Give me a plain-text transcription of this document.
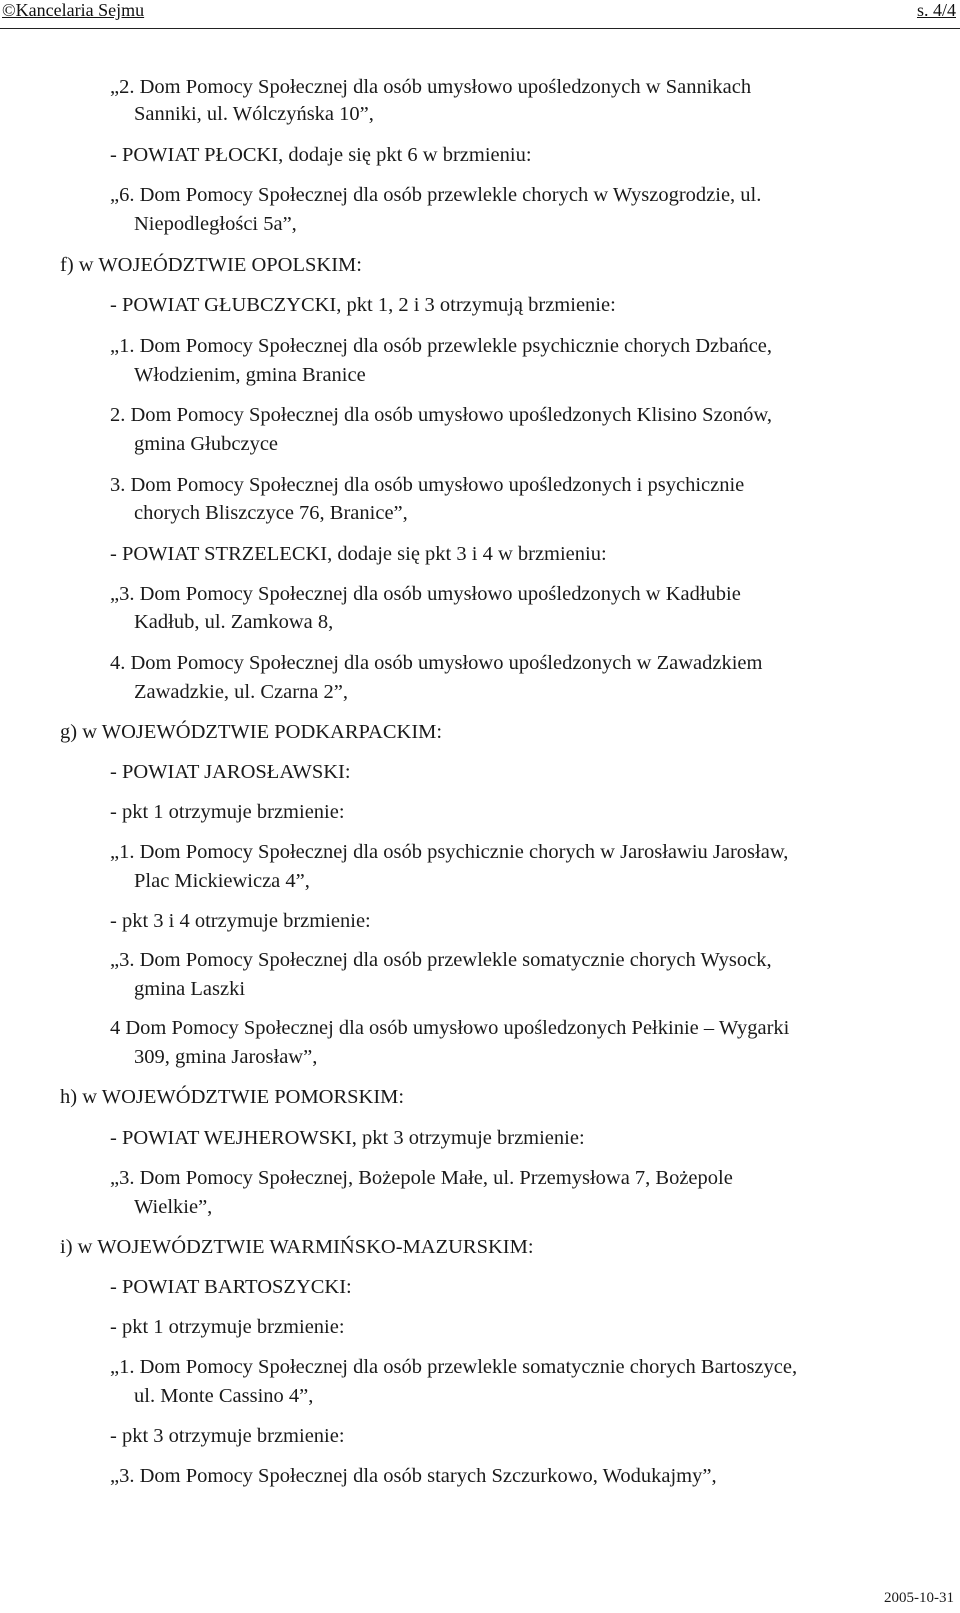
©Kancelaria Sejmu	s. 4/4
„2. Dom Pomocy Społecznej dla osób umysłowo upośledzonych w Sannikach
Sanniki, ul. Wólczyńska 10”,
- POWIAT PŁOCKI, dodaje się pkt 6 w brzmieniu:
„6. Dom Pomocy Społecznej dla osób przewlekle chorych w Wyszogrodzie, ul.
Niepodległości 5a”,
f) w WOJEÓDZTWIE OPOLSKIM:
- POWIAT GŁUBCZYCKI, pkt 1, 2 i 3 otrzymują brzmienie:
„1. Dom Pomocy Społecznej dla osób przewlekle psychicznie chorych Dzbańce,
Włodzienim, gmina Branice
2. Dom Pomocy Społecznej dla osób umysłowo upośledzonych Klisino Szonów,
gmina Głubczyce
3. Dom Pomocy Społecznej dla osób umysłowo upośledzonych i psychicznie
chorych Bliszczyce 76, Branice”,
- POWIAT STRZELECKI, dodaje się pkt 3 i 4 w brzmieniu:
„3. Dom Pomocy Społecznej dla osób umysłowo upośledzonych w Kadłubie
Kadłub, ul. Zamkowa 8,
4. Dom Pomocy Społecznej dla osób umysłowo upośledzonych w Zawadzkiem
Zawadzkie, ul. Czarna 2”,
g) w WOJEWÓDZTWIE PODKARPACKIM:
- POWIAT JAROSŁAWSKI:
- pkt 1 otrzymuje brzmienie:
„1. Dom Pomocy Społecznej dla osób psychicznie chorych w Jarosławiu Jarosław,
Plac Mickiewicza 4”,
- pkt 3 i 4 otrzymuje brzmienie:
„3. Dom Pomocy Społecznej dla osób przewlekle somatycznie chorych Wysock,
gmina Laszki
4 Dom Pomocy Społecznej dla osób umysłowo upośledzonych Pełkinie – Wygarki
309, gmina Jarosław”,
h) w WOJEWÓDZTWIE POMORSKIM:
- POWIAT WEJHEROWSKI, pkt 3 otrzymuje brzmienie:
„3. Dom Pomocy Społecznej, Bożepole Małe, ul. Przemysłowa 7, Bożepole
Wielkie”,
i) w WOJEWÓDZTWIE WARMIŃSKO-MAZURSKIM:
- POWIAT BARTOSZYCKI:
- pkt 1 otrzymuje brzmienie:
„1. Dom Pomocy Społecznej dla osób przewlekle somatycznie chorych Bartoszyce,
ul. Monte Cassino 4”,
- pkt 3 otrzymuje brzmienie:
„3. Dom Pomocy Społecznej dla osób starych Szczurkowo, Wodukajmy”,
2005-10-31
